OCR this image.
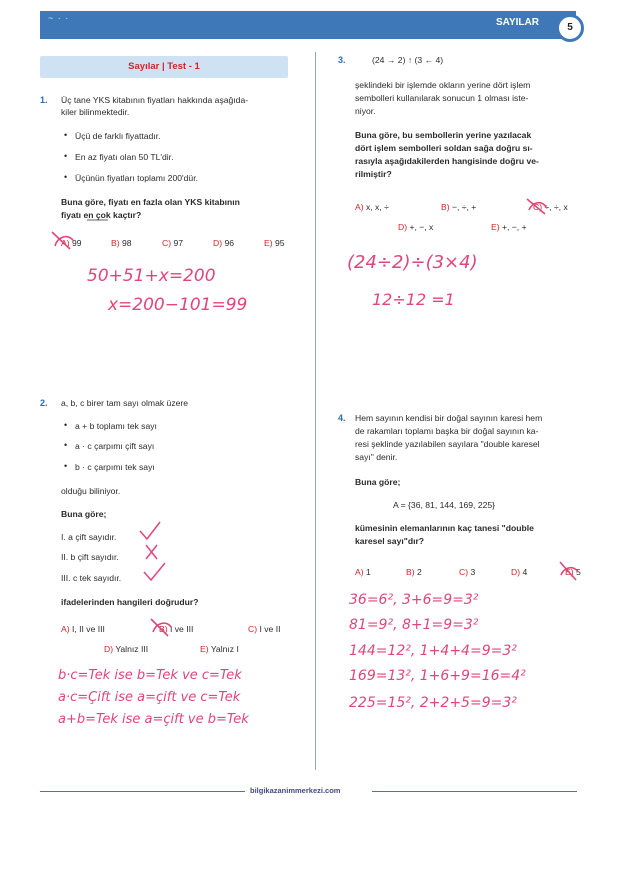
~ · ·	SAYILAR	5
Sayılar | Test - 1
1. Üç tane YKS kitabının fiyatları hakkında aşağıda-
kiler bilinmektedir.
• Üçü de farklı fiyattadır.
• En az fiyatı olan 50 TL'dir.
• Üçünün fiyatları toplamı 200'dür.
Buna göre, fiyatı en fazla olan YKS kitabının
fiyatı en çok kaçtır?
A) 99	B) 98	C) 97	D) 96	E) 95
50+51+x=200
x=200−101=99
2. a, b, c birer tam sayı olmak üzere
• a + b toplamı tek sayı
• a · c çarpımı çift sayı
• b · c çarpımı tek sayı
olduğu biliniyor.
Buna göre;
I. a çift sayıdır.
II. b çift sayıdır.
III. c tek sayıdır.
ifadelerinden hangileri doğrudur?
A) I, II ve III	B) I ve III	C) I ve II
D) Yalnız III	E) Yalnız I
b·c=Tek ise b=Tek ve c=Tek
a·c=Çift ise a=çift ve c=Tek
a+b=Tek ise a=çift ve b=Tek
3.	(24 → 2) ↑ (3 ← 4)
şeklindeki bir işlemde okların yerine dört işlem
sembolleri kullanılarak sonucun 1 olması iste-
niyor.
Buna göre, bu sembollerin yerine yazılacak
dört işlem sembolleri soldan sağa doğru sı-
rasıyla aşağıdakilerden hangisinde doğru ve-
rilmiştir?
A) x, x, ÷	B) −, ÷, +	C) ÷, ÷, x
D) +, −, x	E) +, −, +
(24÷2)÷(3×4)
12÷12 =1
4. Hem sayının kendisi bir doğal sayının karesi hem
de rakamları toplamı başka bir doğal sayının ka-
resi şeklinde yazılabilen sayılara "double karesel
sayı" denir.
Buna göre;
A = {36, 81, 144, 169, 225}
kümesinin elemanlarının kaç tanesi "double
karesel sayı"dır?
A) 1	B) 2	C) 3	D) 4	E) 5
36=6², 3+6=9=3²
81=9², 8+1=9=3²
144=12², 1+4+4=9=3²
169=13², 1+6+9=16=4²
225=15², 2+2+5=9=3²
bilgikazanimmerkezi.com
